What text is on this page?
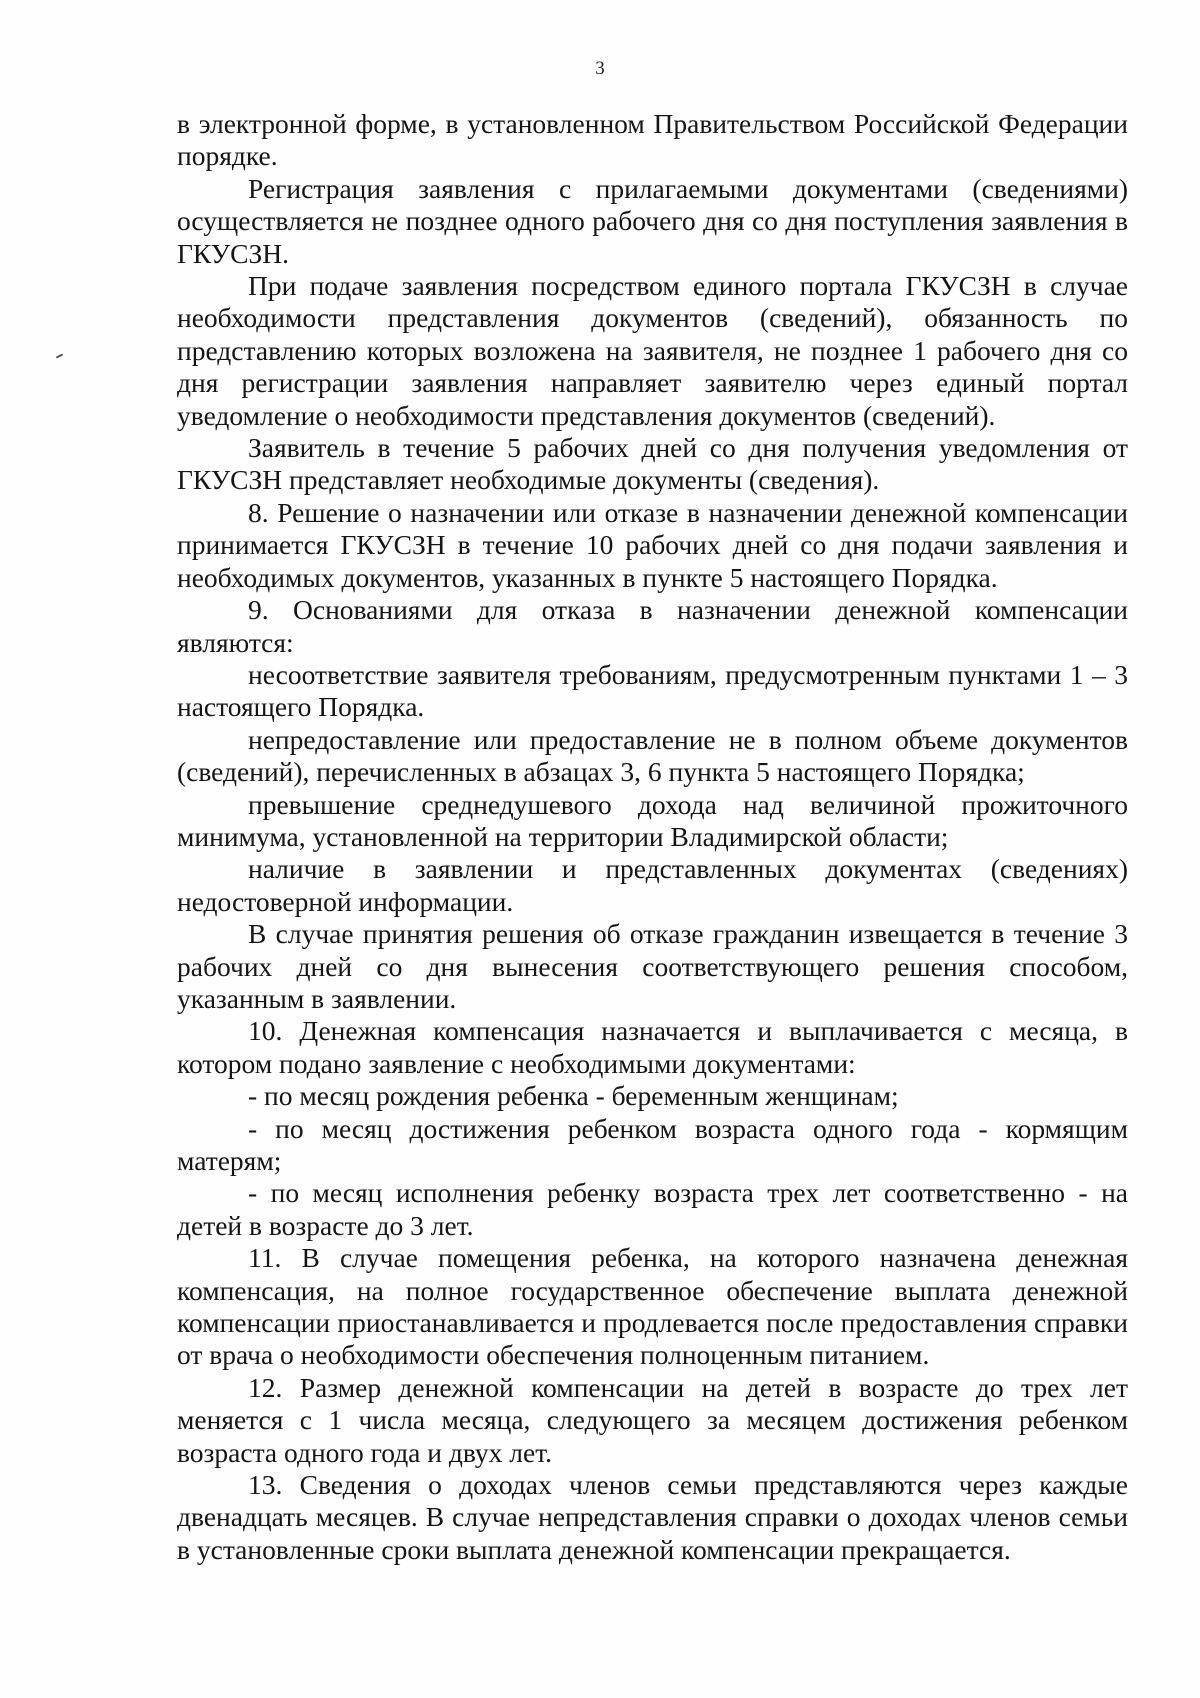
3

в электронной форме, в установленном Правительством Российской Федерации порядке.

Регистрация заявления с прилагаемыми документами (сведениями) осуществляется не позднее одного рабочего дня со дня поступления заявления в ГКУСЗН.

При подаче заявления посредством единого портала ГКУСЗН в случае необходимости представления документов (сведений), обязанность по представлению которых возложена на заявителя, не позднее 1 рабочего дня со дня регистрации заявления направляет заявителю через единый портал уведомление о необходимости представления документов (сведений).

Заявитель в течение 5 рабочих дней со дня получения уведомления от ГКУСЗН представляет необходимые документы (сведения).

8. Решение о назначении или отказе в назначении денежной компенсации принимается ГКУСЗН в течение 10 рабочих дней со дня подачи заявления и необходимых документов, указанных в пункте 5 настоящего Порядка.

9. Основаниями для отказа в назначении денежной компенсации являются:

несоответствие заявителя требованиям, предусмотренным пунктами 1 – 3 настоящего Порядка.

непредоставление или предоставление не в полном объеме документов (сведений), перечисленных в абзацах 3, 6 пункта 5 настоящего Порядка;

превышение среднедушевого дохода над величиной прожиточного минимума, установленной на территории Владимирской области;

наличие в заявлении и представленных документах (сведениях) недостоверной информации.

В случае принятия решения об отказе гражданин извещается в течение 3 рабочих дней со дня вынесения соответствующего решения способом, указанным в заявлении.

10. Денежная компенсация назначается и выплачивается с месяца, в котором подано заявление с необходимыми документами:

- по месяц рождения ребенка - беременным женщинам;

- по месяц достижения ребенком возраста одного года - кормящим матерям;

- по месяц исполнения ребенку возраста трех лет соответственно - на детей в возрасте до 3 лет.

11. В случае помещения ребенка, на которого назначена денежная компенсация, на полное государственное обеспечение выплата денежной компенсации приостанавливается и продлевается после предоставления справки от врача о необходимости обеспечения полноценным питанием.

12. Размер денежной компенсации на детей в возрасте до трех лет меняется с 1 числа месяца, следующего за месяцем достижения ребенком возраста одного года и двух лет.

13. Сведения о доходах членов семьи представляются через каждые двенадцать месяцев. В случае непредставления справки о доходах членов семьи в установленные сроки выплата денежной компенсации прекращается.
